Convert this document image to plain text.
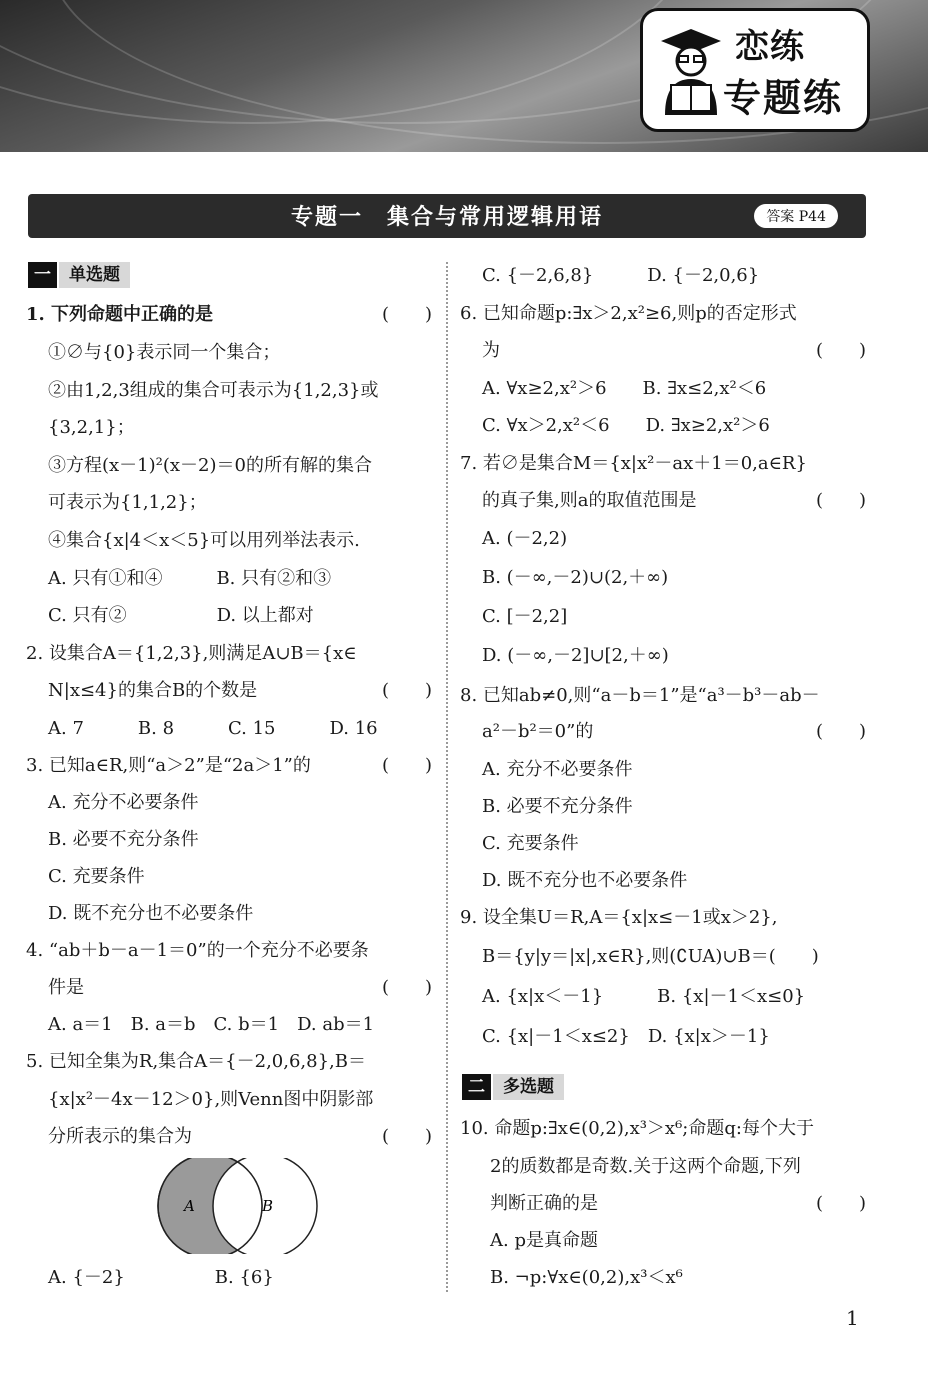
恋练
专题练
专题一　集合与常用逻辑用语	答案 P44
一 单选题
1. 下列命题中正确的是	(　　)
①∅与{0}表示同一个集合；
②由1,2,3组成的集合可表示为{1,2,3}或
{3,2,1}；
③方程(x－1)²(x－2)＝0的所有解的集合
可表示为{1,1,2}；
④集合{x|4＜x＜5}可以用列举法表示.
A. 只有①和④　　　B. 只有②和③
C. 只有②　　　　　D. 以上都对
2. 设集合A＝{1,2,3},则满足A∪B＝{x∈
N|x≤4}的集合B的个数是	(　　)
A. 7　　　B. 8　　　C. 15　　　D. 16
3. 已知a∈R,则“a＞2”是“2a＞1”的	(　　)
A. 充分不必要条件
B. 必要不充分条件
C. 充要条件
D. 既不充分也不必要条件
4. “ab＋b－a－1＝0”的一个充分不必要条
件是	(　　)
A. a＝1　B. a＝b　C. b＝1　D. ab＝1
5. 已知全集为R,集合A＝{－2,0,6,8},B＝
{x|x²－4x－12＞0},则Venn图中阴影部
分所表示的集合为	(　　)
A	B
A. {－2}　　　　　B. {6}
C. {－2,6,8}　　　D. {－2,0,6}
6. 已知命题p:∃x＞2,x²≥6,则p的否定形式
为	(　　)
A. ∀x≥2,x²＞6　　B. ∃x≤2,x²＜6
C. ∀x＞2,x²＜6　　D. ∃x≥2,x²＞6
7. 若∅是集合M＝{x|x²－ax＋1＝0,a∈R}
的真子集,则a的取值范围是	(　　)
A. (－2,2)
B. (－∞,－2)∪(2,＋∞)
C. [－2,2]
D. (－∞,－2]∪[2,＋∞)
8. 已知ab≠0,则“a－b＝1”是“a³－b³－ab－
a²－b²＝0”的	(　　)
A. 充分不必要条件
B. 必要不充分条件
C. 充要条件
D. 既不充分也不必要条件
9. 设全集U＝R,A＝{x|x≤－1或x＞2},
B＝{y|y＝|x|,x∈R},则(∁UA)∪B＝(　　)
A. {x|x＜－1}　　　B. {x|－1＜x≤0}
C. {x|－1＜x≤2}　D. {x|x＞－1}
二 多选题
10. 命题p:∃x∈(0,2),x³＞x⁶;命题q:每个大于
2的质数都是奇数.关于这两个命题,下列
判断正确的是	(　　)
A. p是真命题
B. ¬p:∀x∈(0,2),x³＜x⁶
1
